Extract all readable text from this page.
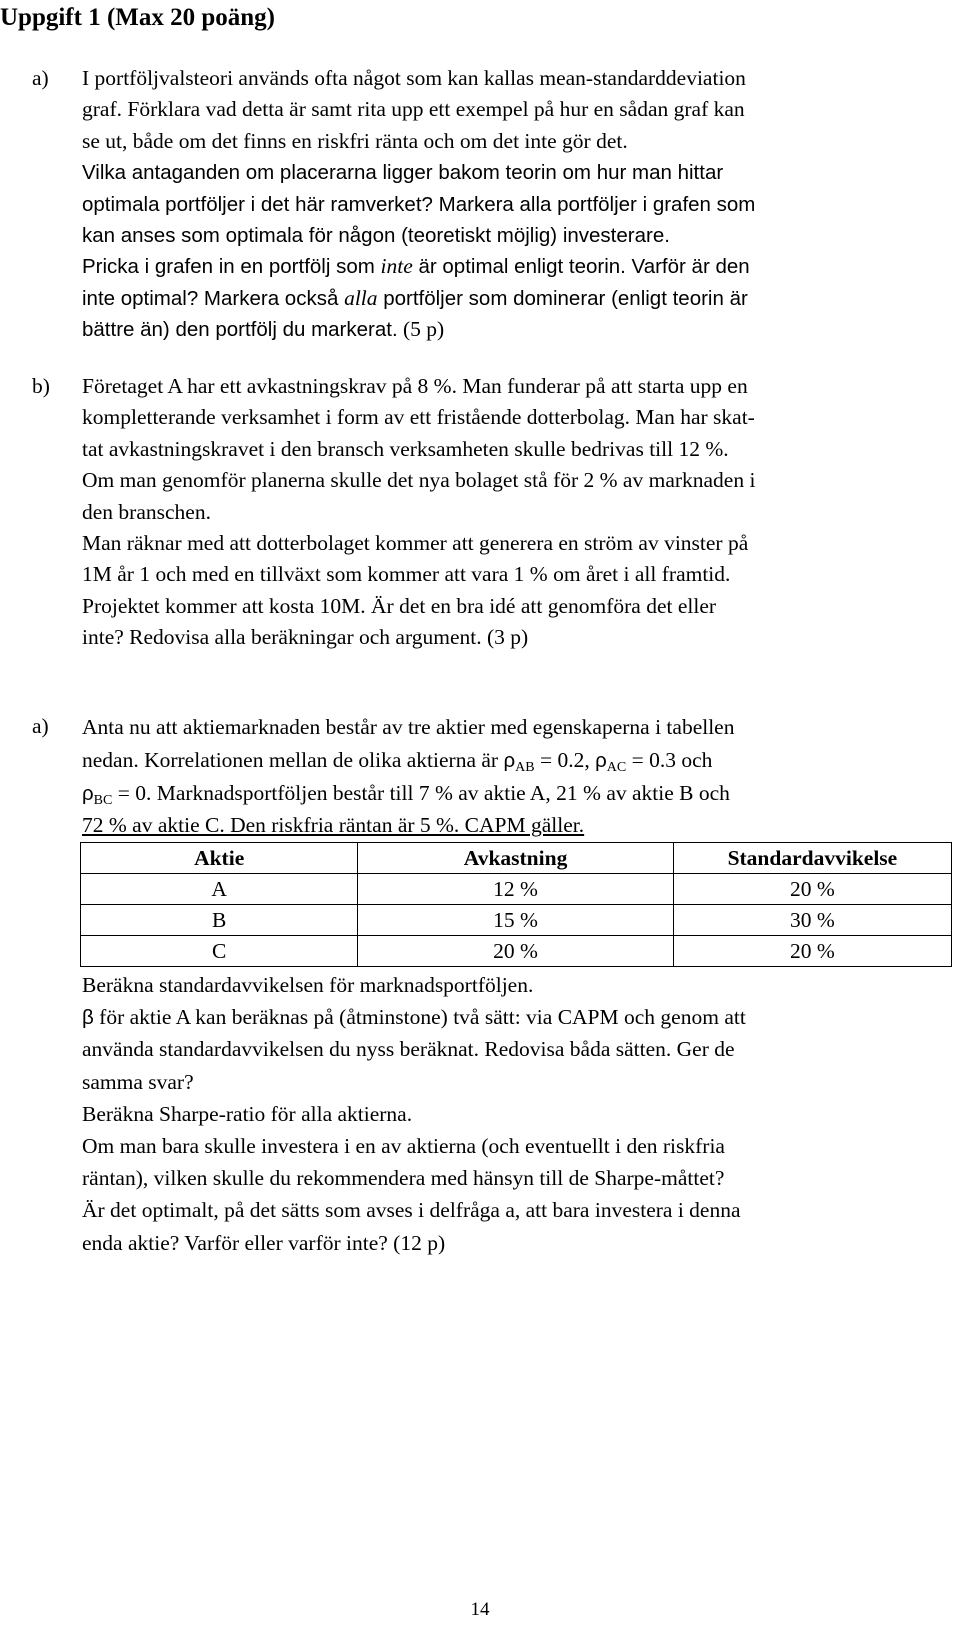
Uppgift 1 (Max 20 poäng)
a) I portföljvalsteori används ofta något som kan kallas mean-standarddeviation
graf. Förklara vad detta är samt rita upp ett exempel på hur en sådan graf kan
se ut, både om det finns en riskfri ränta och om det inte gör det.
Vilka antaganden om placerarna ligger bakom teorin om hur man hittar
optimala portföljer i det här ramverket? Markera alla portföljer i grafen som
kan anses som optimala för någon (teoretiskt möjlig) investerare.
Pricka i grafen in en portfölj som inte är optimal enligt teorin. Varför är den
inte optimal? Markera också alla portföljer som dominerar (enligt teorin är
bättre än) den portfölj du markerat. (5 p)
b) Företaget A har ett avkastningskrav på 8 %. Man funderar på att starta upp en
kompletterande verksamhet i form av ett fristående dotterbolag. Man har skat-
tat avkastningskravet i den bransch verksamheten skulle bedrivas till 12 %.
Om man genomför planerna skulle det nya bolaget stå för 2 % av marknaden i
den branschen.
Man räknar med att dotterbolaget kommer att generera en ström av vinster på
1M år 1 och med en tillväxt som kommer att vara 1 % om året i all framtid.
Projektet kommer att kosta 10M. Är det en bra idé att genomföra det eller
inte? Redovisa alla beräkningar och argument. (3 p)
a) Anta nu att aktiemarknaden består av tre aktier med egenskaperna i tabellen
nedan. Korrelationen mellan de olika aktierna är $\rho_{AB} = 0.2$, $\rho_{AC} = 0.3$ och
$\rho_{BC} = 0$. Marknadsportföljen består till 7 % av aktie A, 21 % av aktie B och
72 % av aktie C. Den riskfria räntan är 5 %. CAPM gäller.
Aktie	Avkastning	Standardavvikelse
A	12 %	20 %
B	15 %	30 %
C	20 %	20 %
Beräkna standardavvikelsen för marknadsportföljen.
β för aktie A kan beräknas på (åtminstone) två sätt: via CAPM och genom att
använda standardavvikelsen du nyss beräknat. Redovisa båda sätten. Ger de
samma svar?
Beräkna Sharpe-ratio för alla aktierna.
Om man bara skulle investera i en av aktierna (och eventuellt i den riskfria
räntan), vilken skulle du rekommendera med hänsyn till de Sharpe-måttet?
Är det optimalt, på det sätts som avses i delfråga a, att bara investera i denna
enda aktie? Varför eller varför inte? (12 p)
14
